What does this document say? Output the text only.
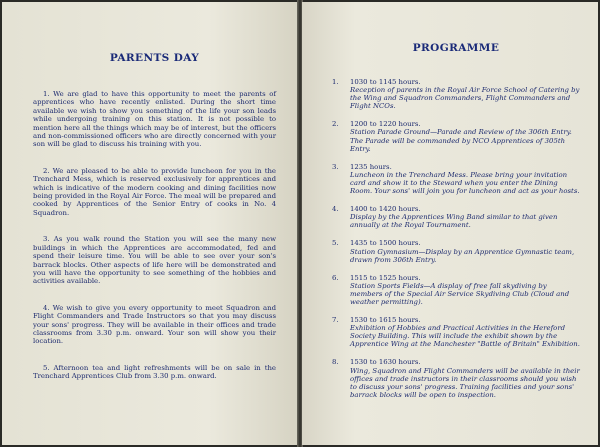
PARENTS DAY

1. We are glad to have this opportunity to meet the parents of apprentices who have recently enlisted. During the short time available we wish to show you something of the life your son leads while undergoing training on this station. It is not possible to mention here all the things which may be of interest, but the officers and non-commissioned officers who are directly concerned with your son will be glad to discuss his training with you.

2. We are pleased to be able to provide luncheon for you in the Trenchard Mess, which is reserved exclusively for apprentices and which is indicative of the modern cooking and dining facilities now being provided in the Royal Air Force. The meal will be prepared and cooked by Apprentices of the Senior Entry of cooks in No. 4 Squadron.

3. As you walk round the Station you will see the many new buildings in which the Apprentices are accommodated, fed and spend their leisure time. You will be able to see over your son's barrack blocks. Other aspects of life here will be demonstrated and you will have the opportunity to see something of the hobbies and activities available.

4. We wish to give you every opportunity to meet Squadron and Flight Commanders and Trade Instructors so that you may discuss your sons' progress. They will be available in their offices and trade classrooms from 3.30 p.m. onward. Your son will show you their location.

5. Afternoon tea and light refreshments will be on sale in the Trenchard Apprentices Club from 3.30 p.m. onward.

PROGRAMME
1. 1030 to 1145 hours.
Reception of parents in the Royal Air Force School of Catering by the Wing and Squadron Commanders, Flight Commanders and Flight NCOs.
2. 1200 to 1220 hours.
Station Parade Ground—Parade and Review of the 306th Entry. The Parade will be commanded by NCO Apprentices of 305th Entry.
3. 1235 hours.
Luncheon in the Trenchard Mess. Please bring your invitation card and show it to the Steward when you enter the Dining Room. Your sons' will join you for luncheon and act as your hosts.
4. 1400 to 1420 hours.
Display by the Apprentices Wing Band similar to that given annually at the Royal Tournament.
5. 1435 to 1500 hours.
Station Gymnasium—Display by an Apprentice Gymnastic team, drawn from 306th Entry.
6. 1515 to 1525 hours.
Station Sports Fields—A display of free fall skydiving by members of the Special Air Service Skydiving Club (Cloud and weather permitting).
7. 1530 to 1615 hours.
Exhibition of Hobbies and Practical Activities in the Hereford Society Building. This will include the exhibit shown by the Apprentice Wing at the Manchester "Battle of Britain" Exhibition.
8. 1530 to 1630 hours.
Wing, Squadron and Flight Commanders will be available in their offices and trade instructors in their classrooms should you wish to discuss your sons' progress. Training facilities and your sons' barrack blocks will be open to inspection.
